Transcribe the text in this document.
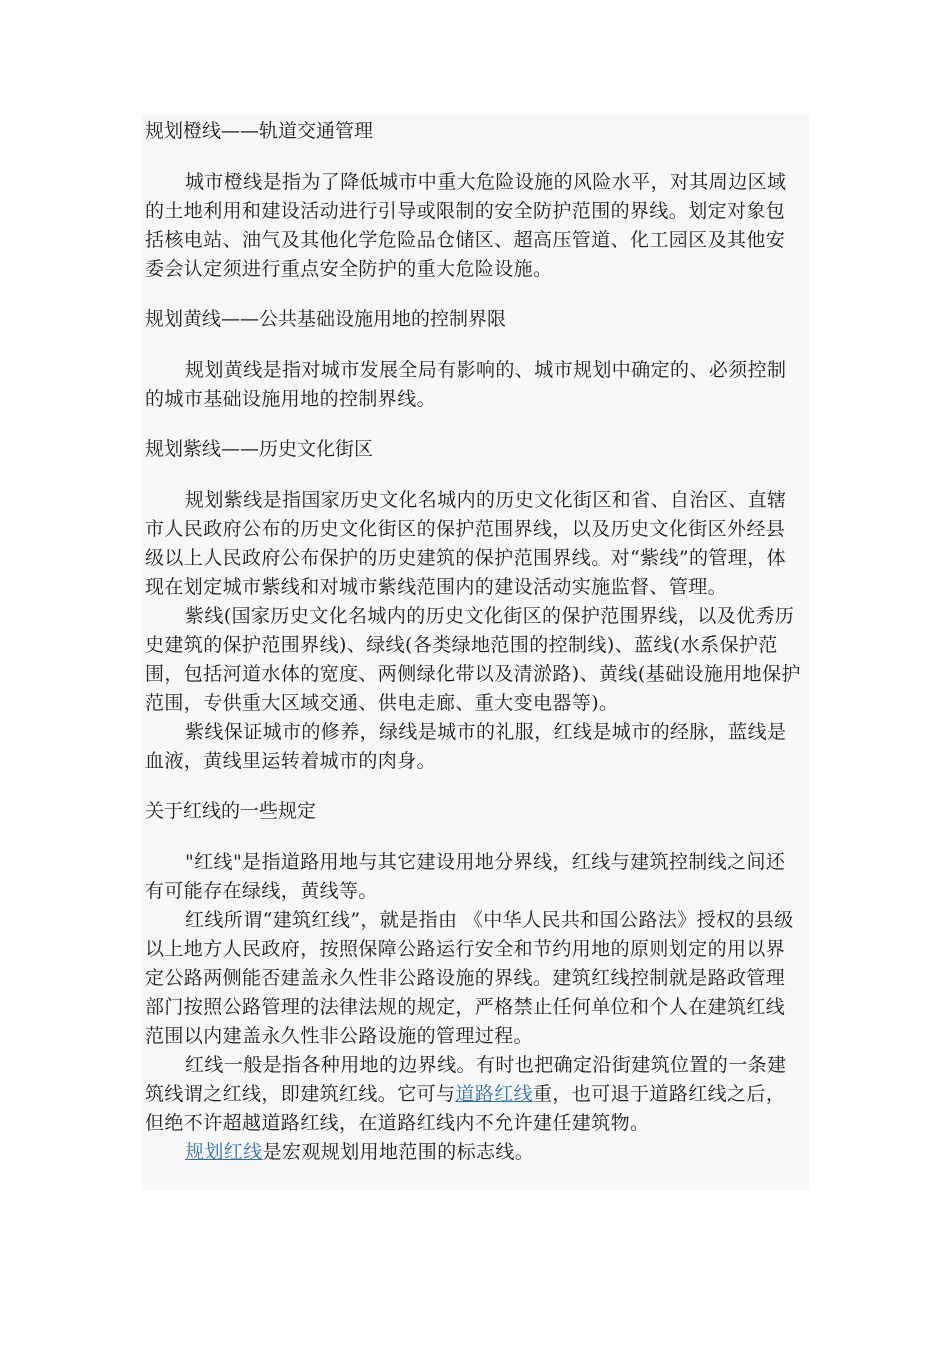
规划橙线——轨道交通管理

城市橙线是指为了降低城市中重大危险设施的风险水平，对其周边区域的土地利用和建设活动进行引导或限制的安全防护范围的界线。划定对象包括核电站、油气及其他化学危险品仓储区、超高压管道、化工园区及其他安委会认定须进行重点安全防护的重大危险设施。

规划黄线——公共基础设施用地的控制界限

规划黄线是指对城市发展全局有影响的、城市规划中确定的、必须控制的城市基础设施用地的控制界线。

规划紫线——历史文化街区

规划紫线是指国家历史文化名城内的历史文化街区和省、自治区、直辖市人民政府公布的历史文化街区的保护范围界线，以及历史文化街区外经县级以上人民政府公布保护的历史建筑的保护范围界线。对“紫线”的管理，体现在划定城市紫线和对城市紫线范围内的建设活动实施监督、管理。

紫线(国家历史文化名城内的历史文化街区的保护范围界线，以及优秀历史建筑的保护范围界线)、绿线(各类绿地范围的控制线)、蓝线(水系保护范围，包括河道水体的宽度、两侧绿化带以及清淤路)、黄线(基础设施用地保护范围，专供重大区域交通、供电走廊、重大变电器等)。

紫线保证城市的修养，绿线是城市的礼服，红线是城市的经脉，蓝线是血液，黄线里运转着城市的肉身。

关于红线的一些规定

"红线"是指道路用地与其它建设用地分界线，红线与建筑控制线之间还有可能存在绿线，黄线等。

红线所谓“建筑红线”，就是指由 《中华人民共和国公路法》授权的县级以上地方人民政府，按照保障公路运行安全和节约用地的原则划定的用以界定公路两侧能否建盖永久性非公路设施的界线。建筑红线控制就是路政管理部门按照公路管理的法律法规的规定，严格禁止任何单位和个人在建筑红线范围以内建盖永久性非公路设施的管理过程。

红线一般是指各种用地的边界线。有时也把确定沿街建筑位置的一条建筑线谓之红线，即建筑红线。它可与道路红线重，也可退于道路红线之后，但绝不许超越道路红线，在道路红线内不允许建任建筑物。

规划红线是宏观规划用地范围的标志线。
